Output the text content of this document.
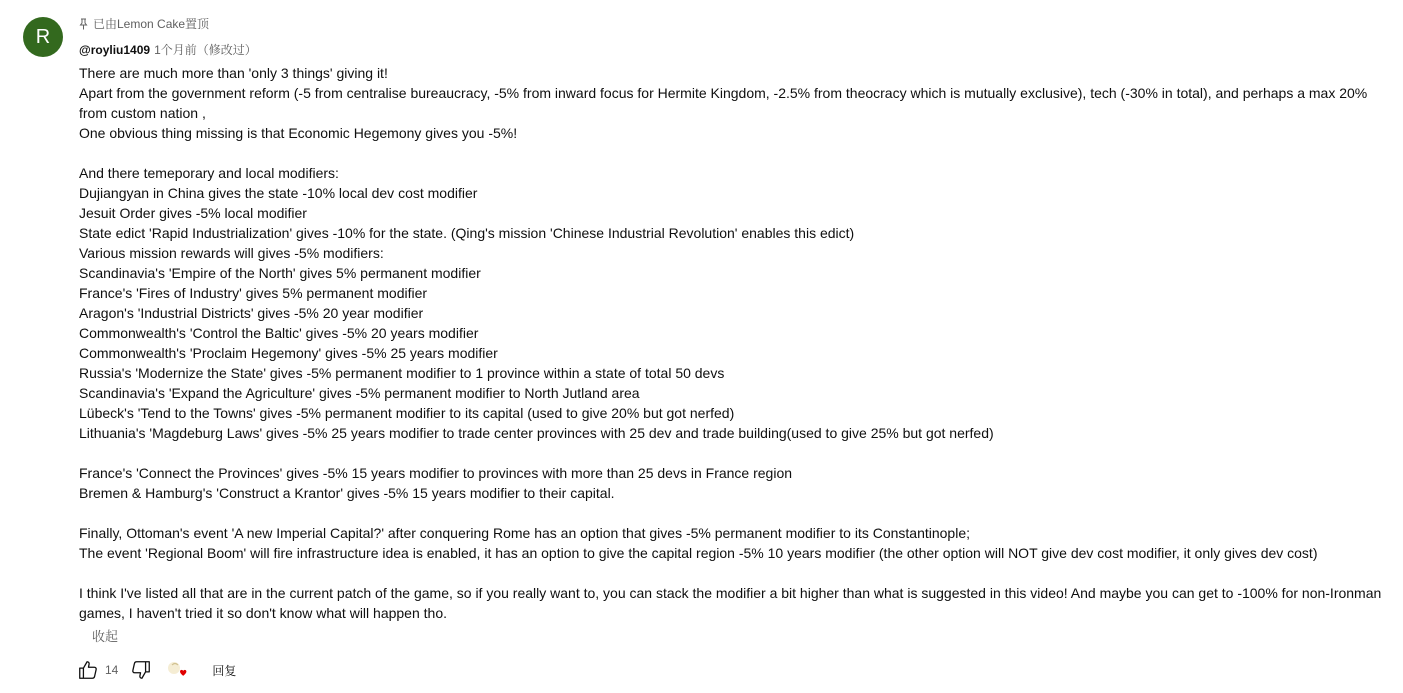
R
已由Lemon Cake置顶
@royliu1409 1个月前（修改过）
There are much more than 'only 3 things' giving it!
Apart from the government reform (-5 from centralise bureaucracy, -5% from inward focus for Hermite Kingdom, -2.5% from theocracy which is mutually exclusive), tech (-30% in total), and perhaps a max 20% from custom nation ,
One obvious thing missing is that Economic Hegemony gives you -5%!
And there temeporary and local modifiers:
Dujiangyan in China gives the state -10% local dev cost modifier
Jesuit Order gives -5% local modifier
State edict 'Rapid Industrialization' gives -10% for the state. (Qing's mission 'Chinese Industrial Revolution' enables this edict)
Various mission rewards will gives -5% modifiers:
Scandinavia's 'Empire of the North' gives 5% permanent modifier
France's 'Fires of Industry' gives 5% permanent modifier
Aragon's 'Industrial Districts' gives -5% 20 year modifier
Commonwealth's 'Control the Baltic' gives -5% 20 years modifier
Commonwealth's 'Proclaim Hegemony' gives -5% 25 years modifier
Russia's 'Modernize the State' gives -5% permanent modifier to 1 province within a state of total 50 devs
Scandinavia's 'Expand the Agriculture' gives -5% permanent modifier to North Jutland area
Lübeck's 'Tend to the Towns' gives -5% permanent modifier to its capital (used to give 20% but got nerfed)
Lithuania's 'Magdeburg Laws' gives -5% 25 years modifier to trade center provinces with 25 dev and trade building(used to give 25% but got nerfed)
France's 'Connect the Provinces' gives -5% 15 years modifier to provinces with more than 25 devs in France region
Bremen & Hamburg's 'Construct a Krantor' gives -5% 15 years modifier to their capital.
Finally, Ottoman's event 'A new Imperial Capital?' after conquering Rome has an option that gives -5% permanent modifier to its Constantinople;
The event 'Regional Boom' will fire infrastructure idea is enabled, it has an option to give the capital region -5% 10 years modifier (the other option will NOT give dev cost modifier, it only gives dev cost)
I think I've listed all that are in the current patch of the game, so if you really want to, you can stack the modifier a bit higher than what is suggested in this video! And maybe you can get to -100% for non-Ironman games, I haven't tried it so don't know what will happen tho.
收起
14	回复
